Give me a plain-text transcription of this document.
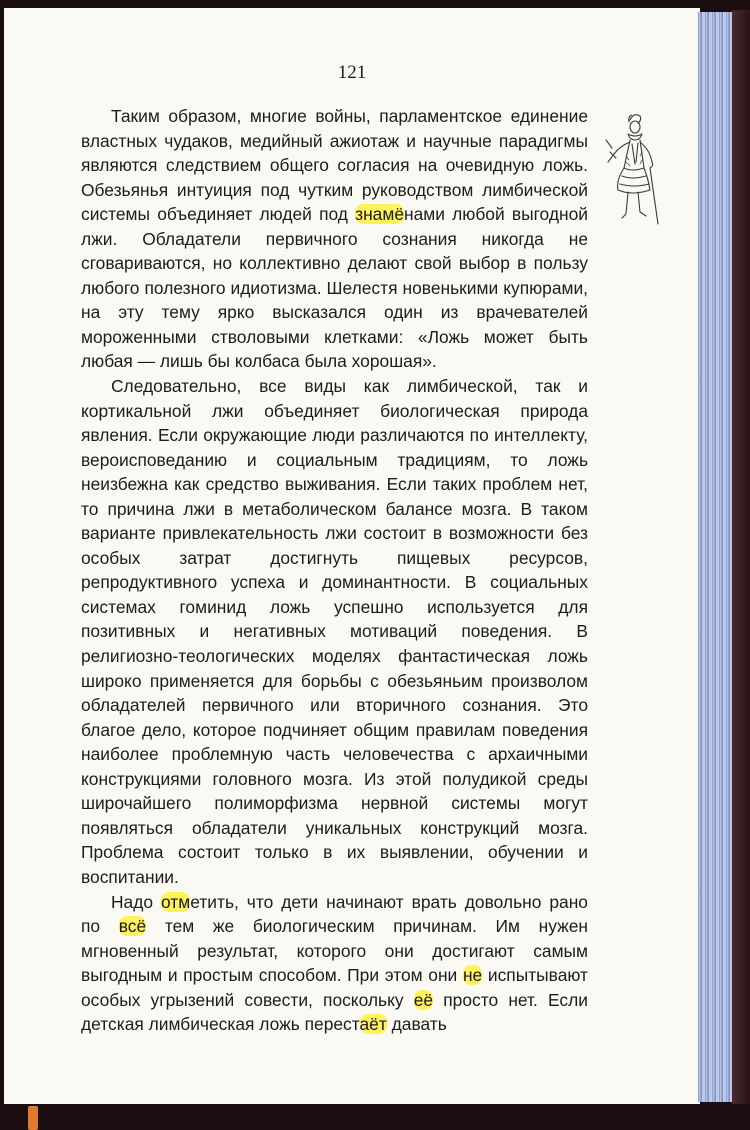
121

Таким образом, многие войны, парламентское единение властных чудаков, медийный ажиотаж и научные парадигмы являются следствием общего согласия на очевидную ложь. Обезьянья интуиция под чутким руководством лимбической системы объединяет людей под знамёнами любой выгодной лжи. Обладатели первичного сознания никогда не сговариваются, но коллективно делают свой выбор в пользу любого полезного идиотизма. Шелестя новенькими купюрами, на эту тему ярко высказался один из врачевателей мороженными стволовыми клетками: «Ложь может быть любая — лишь бы колбаса была хорошая».

Следовательно, все виды как лимбической, так и кортикальной лжи объединяет биологическая природа явления. Если окружающие люди различаются по интеллекту, вероисповеданию и социальным традициям, то ложь неизбежна как средство выживания. Если таких проблем нет, то причина лжи в метаболическом балансе мозга. В таком варианте привлекательность лжи состоит в возможности без особых затрат достигнуть пищевых ресурсов, репродуктивного успеха и доминантности. В социальных системах гоминид ложь успешно используется для позитивных и негативных мотиваций поведения. В религиозно-теологических моделях фантастическая ложь широко применяется для борьбы с обезьяньим произволом обладателей первичного или вторичного сознания. Это благое дело, которое подчиняет общим правилам поведения наиболее проблемную часть человечества с архаичными конструкциями головного мозга. Из этой полудикой среды широчайшего полиморфизма нервной системы могут появляться обладатели уникальных конструкций мозга. Проблема состоит только в их выявлении, обучении и воспитании.

Надо отметить, что дети начинают врать довольно рано по всё тем же биологическим причинам. Им нужен мгновенный результат, которого они достигают самым выгодным и простым способом. При этом они не испытывают особых угрызений совести, поскольку её просто нет. Если детская лимбическая ложь перестаёт давать
